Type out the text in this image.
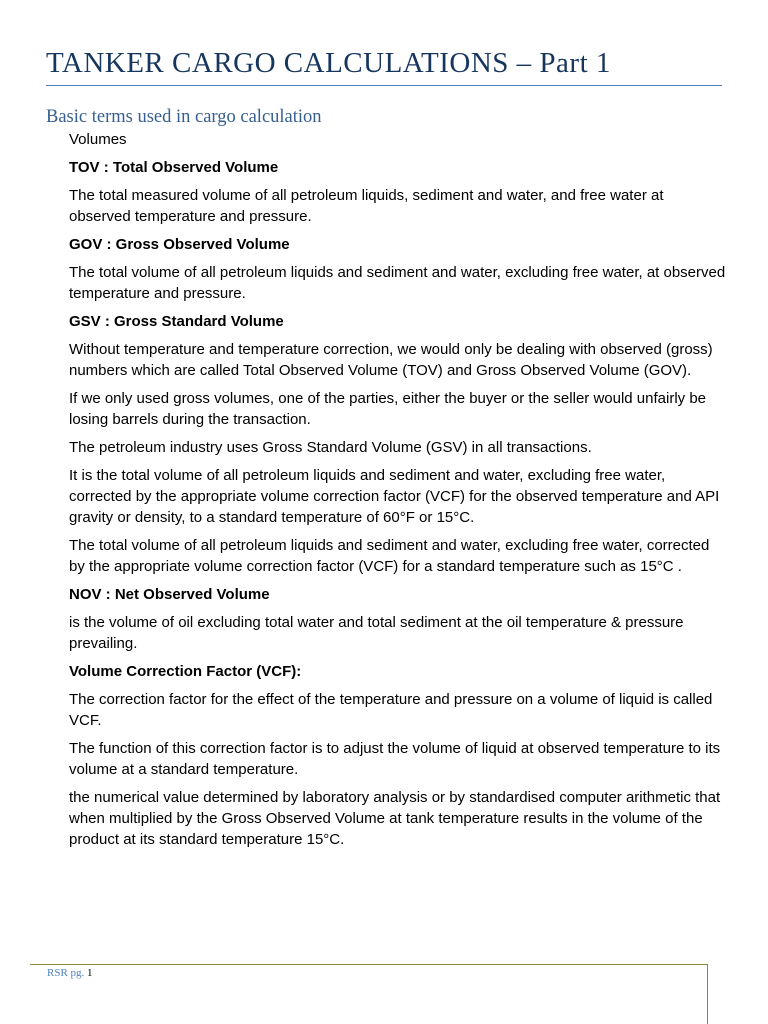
TANKER CARGO CALCULATIONS – Part 1
Basic terms used in cargo calculation

Volumes

TOV : Total Observed Volume

The total measured volume of all petroleum liquids, sediment and water, and free water at observed temperature and pressure.

GOV : Gross Observed Volume

The total volume of all petroleum liquids and sediment and water, excluding free water, at observed temperature and pressure.

GSV : Gross Standard Volume

Without temperature and temperature correction, we would only be dealing with observed (gross) numbers which are called Total Observed Volume (TOV) and Gross Observed Volume (GOV).

If we only used gross volumes, one of the parties, either the buyer or the seller would unfairly be losing barrels during the transaction.

The petroleum industry uses Gross Standard Volume (GSV) in all transactions.

It is the total volume of all petroleum liquids and sediment and water, excluding free water, corrected by the appropriate volume correction factor (VCF) for the observed temperature and API gravity or density, to a standard temperature of 60°F or 15°C.

The total volume of all petroleum liquids and sediment and water, excluding free water, corrected by the appropriate volume correction factor (VCF) for a standard temperature such as 15°C .

NOV : Net Observed Volume

is the volume of oil excluding total water and total sediment at the oil temperature & pressure prevailing.

Volume Correction Factor (VCF):

The correction factor for the effect of the temperature and pressure on a volume of liquid is called VCF.

The function of this correction factor is to adjust the volume of liquid at observed temperature to its volume at a standard temperature.

the numerical value determined by laboratory analysis or by standardised computer arithmetic that when multiplied by the Gross Observed Volume at tank temperature results in the volume of the product at its standard temperature 15°C.

RSR pg. 1
